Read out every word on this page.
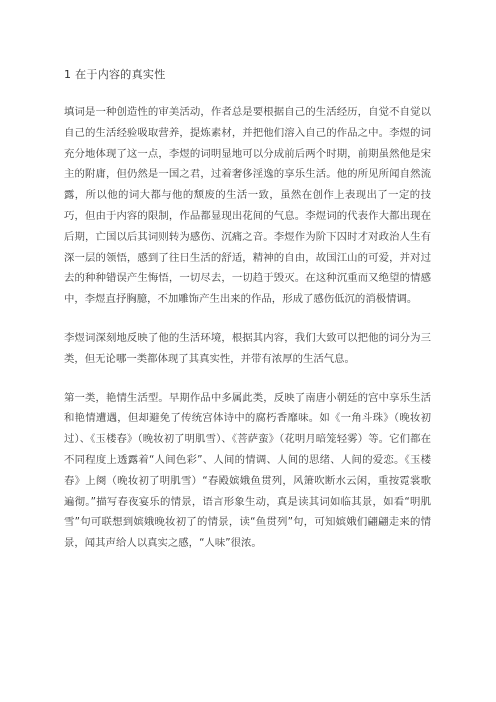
1 在于内容的真实性

填词是一种创造性的审美活动，作者总是要根据自己的生活经历，自觉不自觉以自己的生活经验吸取营养，提炼素材，并把他们溶入自己的作品之中。李煜的词充分地体现了这一点，李煜的词明显地可以分成前后两个时期，前期虽然他是宋主的附庸，但仍然是一国之君，过着奢侈淫逸的享乐生活。他的所见所闻自然流露，所以他的词大都与他的颓废的生活一致，虽然在创作上表现出了一定的技巧，但由于内容的限制，作品都显现出花间的气息。李煜词的代表作大都出现在后期，亡国以后其词则转为感伤、沉痛之音。李煜作为阶下囚时才对政治人生有深一层的领悟，感到了往日生活的舒适，精神的自由，故国江山的可爱，并对过去的种种错误产生悔悟，一切尽去，一切趋于毁灭。在这种沉重而又绝望的情感中，李煜直抒胸臆，不加雕饰产生出来的作品，形成了感伤低沉的消极情调。

李煜词深刻地反映了他的生活环境，根据其内容，我们大致可以把他的词分为三类，但无论哪一类都体现了其真实性，并带有浓厚的生活气息。

第一类，艳情生活型。早期作品中多属此类，反映了南唐小朝廷的宫中享乐生活和艳情遭遇，但却避免了传统宫体诗中的腐朽香靡味。如《一角斗珠》（晚妆初过）、《玉楼春》（晚妆初了明肌雪）、《菩萨蛮》（花明月暗笼轻雾）等。它们都在不同程度上透露着“人间色彩”、人间的情调、人间的思绪、人间的爱恋。《玉楼春》上阕（晚妆初了明肌雪）“春殿嫔娥鱼贯列，风箫吹断水云闲，重按霓裳歌遍彻。”描写春夜宴乐的情景，语言形象生动，真是读其词如临其景，如看“明肌雪”句可联想到嫔娥晚妆初了的情景，读“鱼贯列”句，可知嫔娥们翩翩走来的情景，闻其声给人以真实之感，“人味”很浓。
